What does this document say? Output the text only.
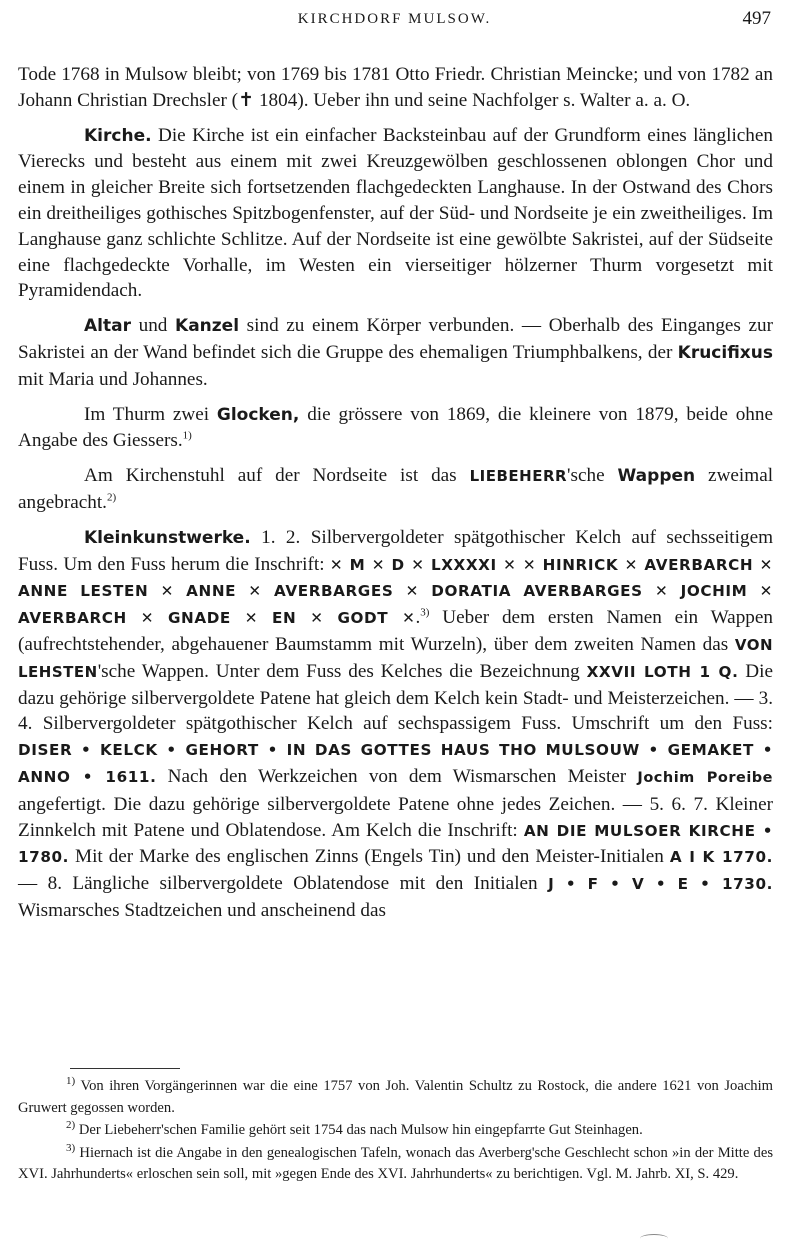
KIRCHDORF MULSOW.	497

Tode 1768 in Mulsow bleibt; von 1769 bis 1781 Otto Friedr. Christian Meincke; und von 1782 an Johann Christian Drechsler (✝ 1804). Ueber ihn und seine Nachfolger s. Walter a. a. O.

Kirche. Die Kirche ist ein einfacher Backsteinbau auf der Grundform eines länglichen Vierecks und besteht aus einem mit zwei Kreuzgewölben geschlossenen oblongen Chor und einem in gleicher Breite sich fortsetzenden flachgedeckten Langhause. In der Ostwand des Chors ein dreitheiliges gothisches Spitzbogenfenster, auf der Süd- und Nordseite je ein zweitheiliges. Im Langhause ganz schlichte Schlitze. Auf der Nordseite ist eine gewölbte Sakristei, auf der Südseite eine flachgedeckte Vorhalle, im Westen ein vierseitiger hölzerner Thurm vorgesetzt mit Pyramidendach.

Altar und Kanzel sind zu einem Körper verbunden. — Oberhalb des Einganges zur Sakristei an der Wand befindet sich die Gruppe des ehemaligen Triumphbalkens, der Krucifixus mit Maria und Johannes.

Im Thurm zwei Glocken, die grössere von 1869, die kleinere von 1879, beide ohne Angabe des Giessers.$^{1)}$

Am Kirchenstuhl auf der Nordseite ist das LIEBEHERR'sche Wappen zweimal angebracht.$^{2)}$

Kleinkunstwerke. 1. 2. Silbervergoldeter spätgothischer Kelch auf sechsseitigem Fuss. Um den Fuss herum die Inschrift: ✕ M ✕ D ✕ LXXXXI ✕ ✕ HINRICK ✕ AVERBARCH ✕ ANNE LESTEN ✕ ANNE ✕ AVERBARGES ✕ DORATIA AVERBARGES ✕ JOCHIM ✕ AVERBARCH ✕ GNADE ✕ EN ✕ GODT ✕.$^{3)}$ Ueber dem ersten Namen ein Wappen (aufrechtstehender, abgehauener Baumstamm mit Wurzeln), über dem zweiten Namen das VON LEHSTEN'sche Wappen. Unter dem Fuss des Kelches die Bezeichnung XXVII LOTH 1 Q. Die dazu gehörige silbervergoldete Patene hat gleich dem Kelch kein Stadt- und Meisterzeichen. — 3. 4. Silbervergoldeter spätgothischer Kelch auf sechspassigem Fuss. Umschrift um den Fuss: DISER • KELCK • GEHORT • IN DAS GOTTES HAUS THO MULSOUW • GEMAKET • ANNO • 1611. Nach den Werkzeichen von dem Wismarschen Meister Jochim Poreibe angefertigt. Die dazu gehörige silbervergoldete Patene ohne jedes Zeichen. — 5. 6. 7. Kleiner Zinnkelch mit Patene und Oblatendose. Am Kelch die Inschrift: AN DIE MULSOER KIRCHE • 1780. Mit der Marke des englischen Zinns (Engels Tin) und den Meister-Initialen A I K 1770. — 8. Längliche silbervergoldete Oblatendose mit den Initialen J • F • V • E • 1730. Wismarsches Stadtzeichen und anscheinend das

$^{1)}$ Von ihren Vorgängerinnen war die eine 1757 von Joh. Valentin Schultz zu Rostock, die andere 1621 von Joachim Gruwert gegossen worden.

$^{2)}$ Der Liebeherr'schen Familie gehört seit 1754 das nach Mulsow hin eingepfarrte Gut Steinhagen.

$^{3)}$ Hiernach ist die Angabe in den genealogischen Tafeln, wonach das Averberg'sche Geschlecht schon »in der Mitte des XVI. Jahrhunderts« erloschen sein soll, mit »gegen Ende des XVI. Jahrhunderts« zu berichtigen. Vgl. M. Jahrb. XI, S. 429.
